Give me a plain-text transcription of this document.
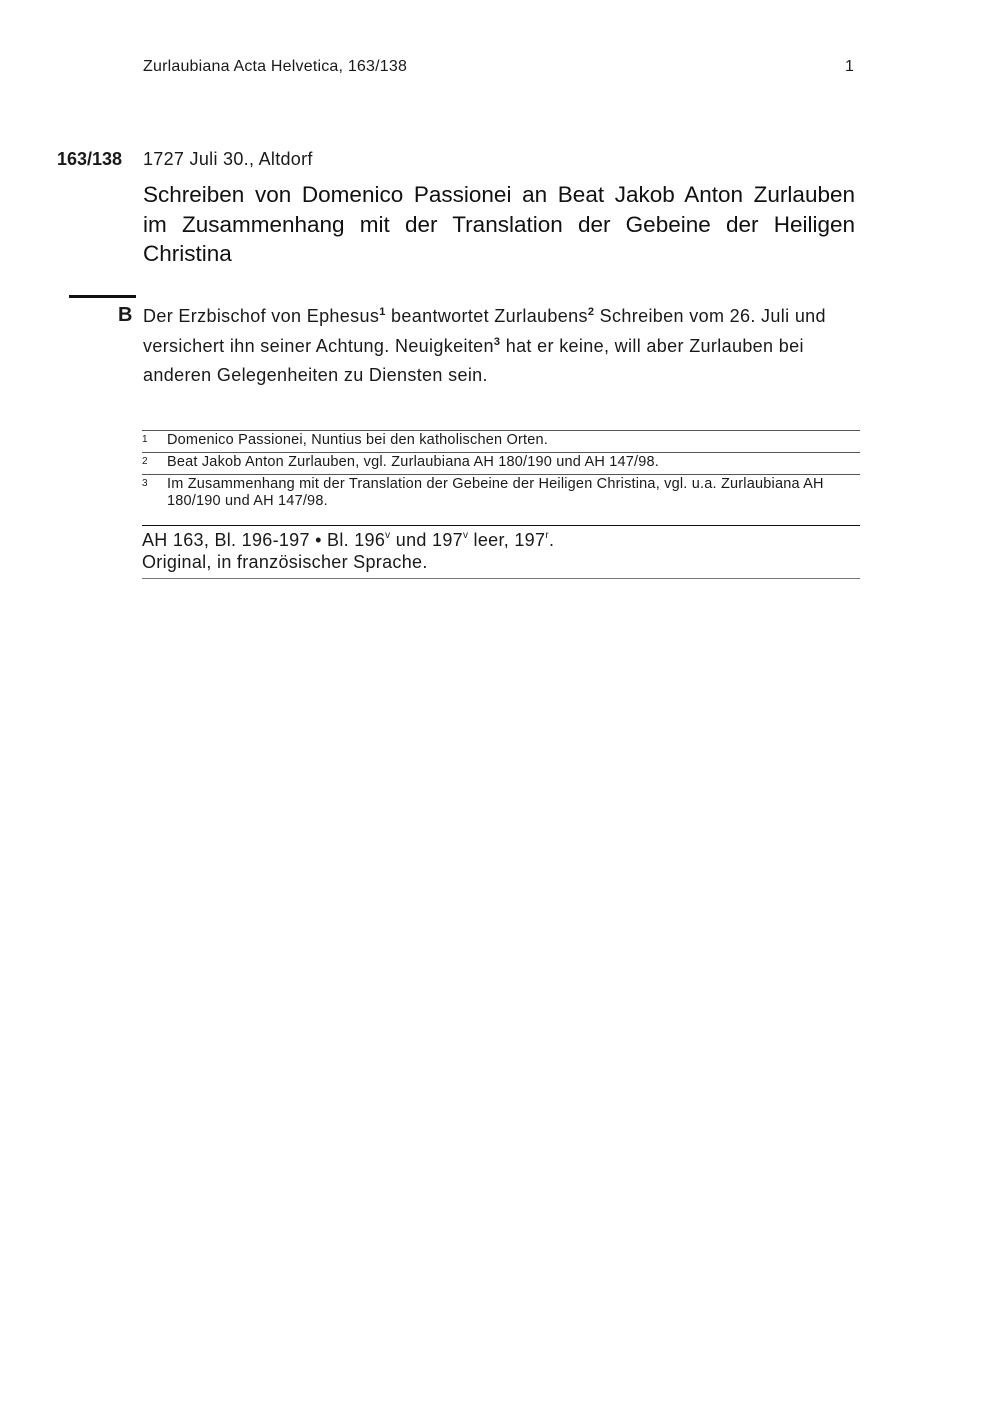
Zurlaubiana Acta Helvetica, 163/138	1
163/138 1727 Juli 30., Altdorf
Schreiben von Domenico Passionei an Beat Jakob Anton Zurlauben im Zusammenhang mit der Translation der Gebeine der Heiligen Christina
B Der Erzbischof von Ephesus$^1$ beantwortet Zurlaubens$^2$ Schreiben vom 26. Juli und versichert ihn seiner Achtung. Neuigkeiten$^3$ hat er keine, will aber Zurlauben bei anderen Gelegenheiten zu Diensten sein.
1 Domenico Passionei, Nuntius bei den katholischen Orten.
2 Beat Jakob Anton Zurlauben, vgl. Zurlaubiana AH 180/190 und AH 147/98.
3 Im Zusammenhang mit der Translation der Gebeine der Heiligen Christina, vgl. u.a. Zurlaubiana AH 180/190 und AH 147/98.
AH 163, Bl. 196-197 • Bl. 196$^v$ und 197$^v$ leer, 197$^r$.
Original, in französischer Sprache.
